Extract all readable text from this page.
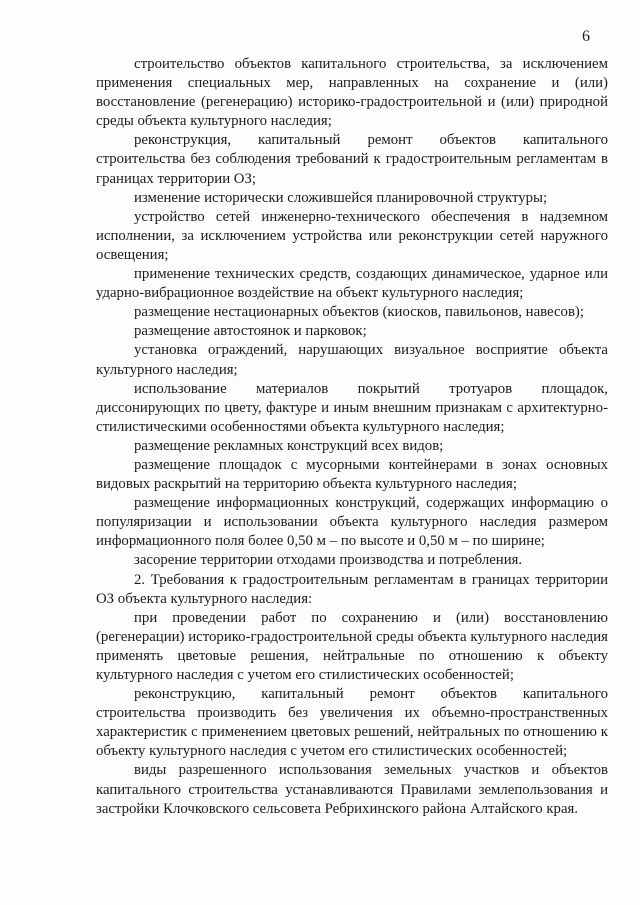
6

строительство объектов капитального строительства, за исключением применения специальных мер, направленных на сохранение и (или) восстановление (регенерацию) историко-градостроительной и (или) природной среды объекта культурного наследия;

реконструкция, капитальный ремонт объектов капитального строительства без соблюдения требований к градостроительным регламентам в границах территории ОЗ;

изменение исторически сложившейся планировочной структуры;

устройство сетей инженерно-технического обеспечения в надземном исполнении, за исключением устройства или реконструкции сетей наружного освещения;

применение технических средств, создающих динамическое, ударное или ударно-вибрационное воздействие на объект культурного наследия;

размещение нестационарных объектов (киосков, павильонов, навесов);

размещение автостоянок и парковок;

установка ограждений, нарушающих визуальное восприятие объекта культурного наследия;

использование материалов покрытий тротуаров площадок, диссонирующих по цвету, фактуре и иным внешним признакам с архитектурно-стилистическими особенностями объекта культурного наследия;

размещение рекламных конструкций всех видов;

размещение площадок с мусорными контейнерами в зонах основных видовых раскрытий на территорию объекта культурного наследия;

размещение информационных конструкций, содержащих информацию о популяризации и использовании объекта культурного наследия размером информационного поля более 0,50 м – по высоте и 0,50 м – по ширине;

засорение территории отходами производства и потребления.

2. Требования к градостроительным регламентам в границах территории ОЗ объекта культурного наследия:

при проведении работ по сохранению и (или) восстановлению (регенерации) историко-градостроительной среды объекта культурного наследия применять цветовые решения, нейтральные по отношению к объекту культурного наследия с учетом его стилистических особенностей;

реконструкцию, капитальный ремонт объектов капитального строительства производить без увеличения их объемно-пространственных характеристик с применением цветовых решений, нейтральных по отношению к объекту культурного наследия с учетом его стилистических особенностей;

виды разрешенного использования земельных участков и объектов капитального строительства устанавливаются Правилами землепользования и застройки Клочковского сельсовета Ребрихинского района Алтайского края.
